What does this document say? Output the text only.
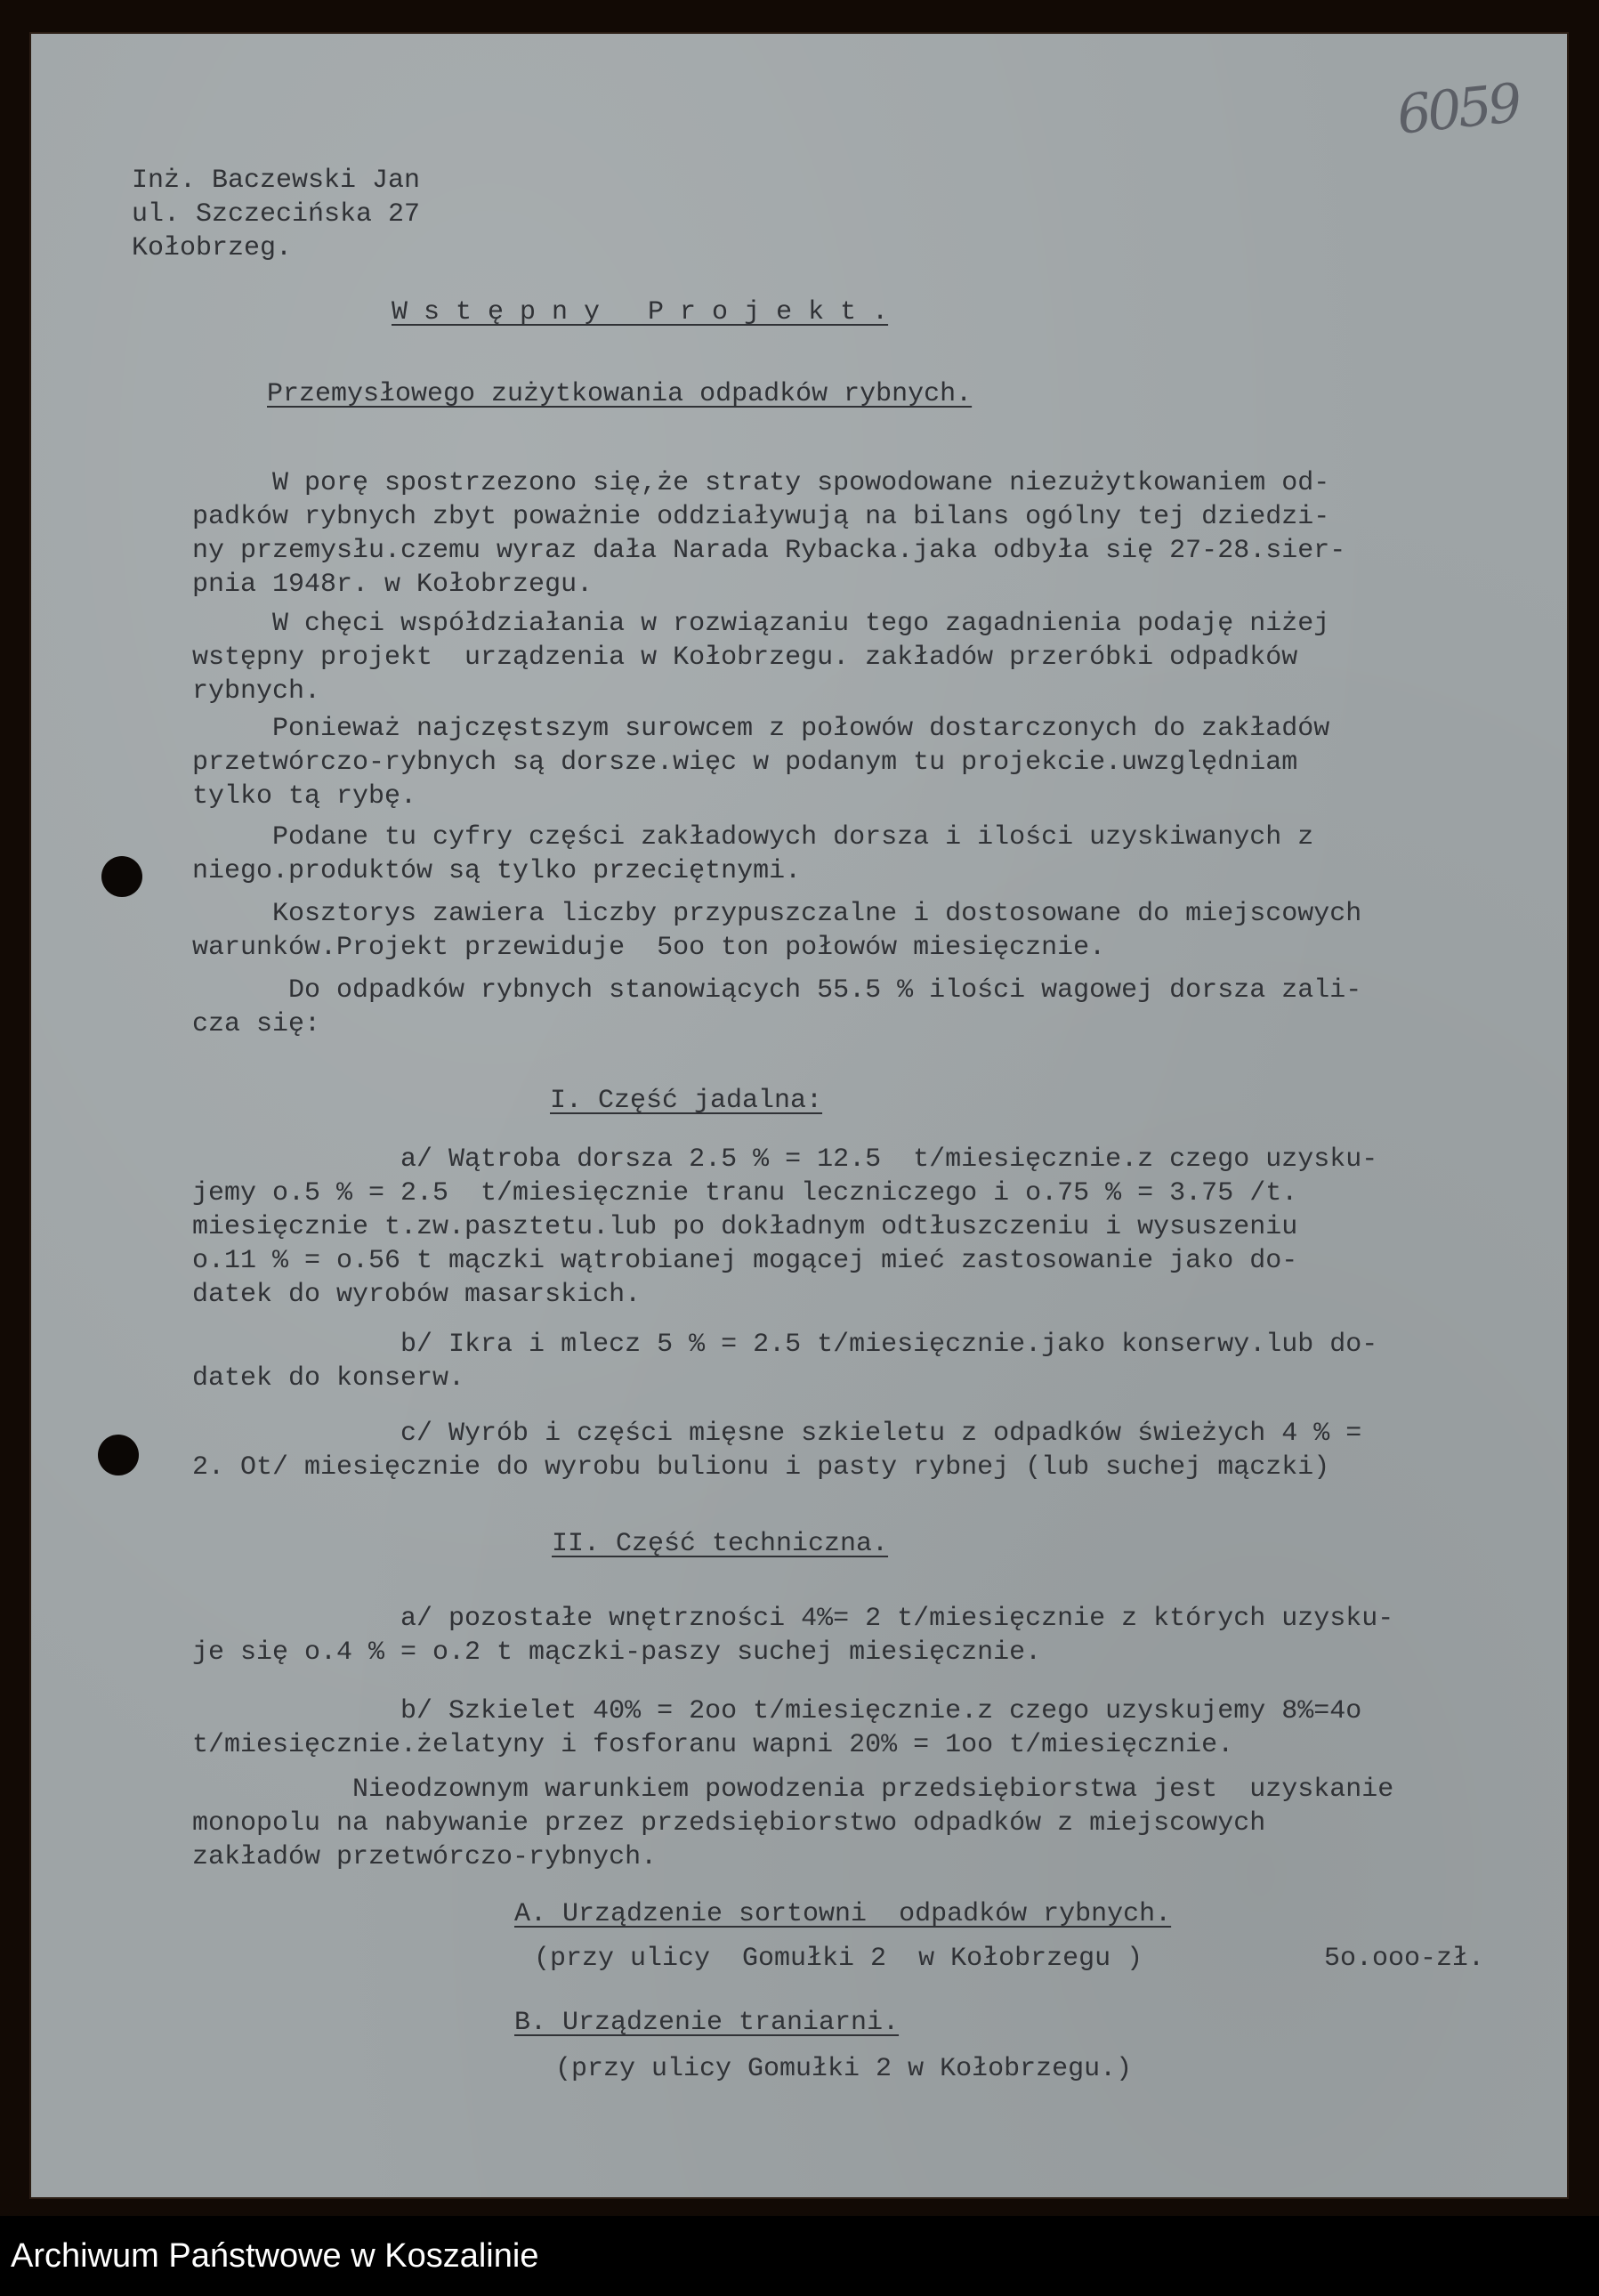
6059

Inż. Baczewski Jan

ul. Szczecińska 27

Kołobrzeg.

W s t ę p n y   P r o j e k t .

Przemysłowego zużytkowania odpadków rybnych.

W porę spostrzezono się,że straty spowodowane niezużytkowaniem od-
padków rybnych zbyt poważnie oddziaływują na bilans ogólny tej dziedzi-
ny przemysłu.czemu wyraz dała Narada Rybacka.jaka odbyła się 27-28.sier-
pnia 1948r. w Kołobrzegu.

W chęci współdziałania w rozwiązaniu tego zagadnienia podaję niżej
wstępny projekt  urządzenia w Kołobrzegu. zakładów przeróbki odpadków
rybnych.

Ponieważ najczęstszym surowcem z połowów dostarczonych do zakładów
przetwórczo-rybnych są dorsze.więc w podanym tu projekcie.uwzględniam
tylko tą rybę.

Podane tu cyfry części zakładowych dorsza i ilości uzyskiwanych z
niego.produktów są tylko przeciętnymi.

Kosztorys zawiera liczby przypuszczalne i dostosowane do miejscowych
warunków.Projekt przewiduje  5oo ton połowów miesięcznie.

Do odpadków rybnych stanowiących 55.5 % ilości wagowej dorsza zali-
cza się:

I. Część jadalna:

a/ Wątroba dorsza 2.5 % = 12.5  t/miesięcznie.z czego uzysku-
jemy o.5 % = 2.5  t/miesięcznie tranu leczniczego i o.75 % = 3.75 /t.
miesięcznie t.zw.pasztetu.lub po dokładnym odtłuszczeniu i wysuszeniu
o.11 % = o.56 t mączki wątrobianej mogącej mieć zastosowanie jako do-
datek do wyrobów masarskich.

b/ Ikra i mlecz 5 % = 2.5 t/miesięcznie.jako konserwy.lub do-
datek do konserw.

c/ Wyrób i części mięsne szkieletu z odpadków świeżych 4 % =
2. Ot/ miesięcznie do wyrobu bulionu i pasty rybnej (lub suchej mączki)

II. Część techniczna.

a/ pozostałe wnętrzności 4%= 2 t/miesięcznie z których uzysku-
je się o.4 % = o.2 t mączki-paszy suchej miesięcznie.

b/ Szkielet 40% = 2oo t/miesięcznie.z czego uzyskujemy 8%=4o
t/miesięcznie.żelatyny i fosforanu wapni 20% = 1oo t/miesięcznie.

Nieodzownym warunkiem powodzenia przedsiębiorstwa jest  uzyskanie
monopolu na nabywanie przez przedsiębiorstwo odpadków z miejscowych
zakładów przetwórczo-rybnych.

A. Urządzenie sortowni  odpadków rybnych.

(przy ulicy  Gomułki 2  w Kołobrzegu )	5o.ooo-zł.

B. Urządzenie traniarni.

(przy ulicy Gomułki 2 w Kołobrzegu.)

Archiwum Państwowe w Koszalinie
